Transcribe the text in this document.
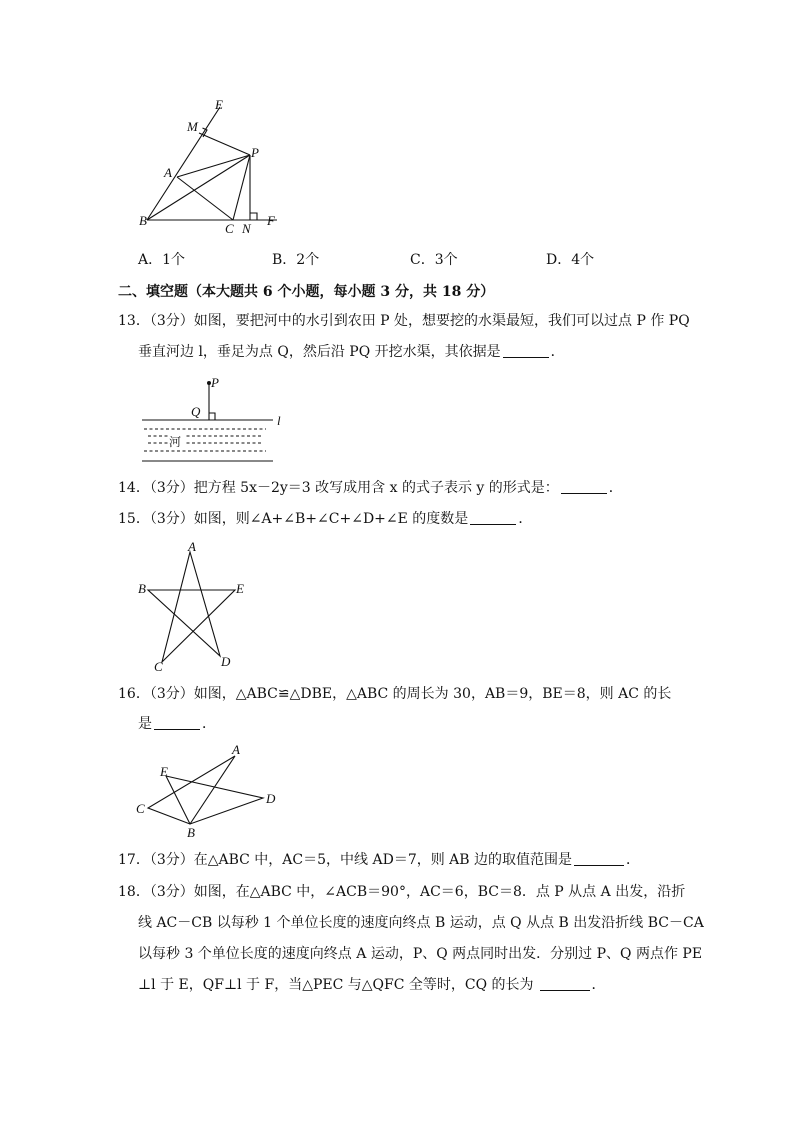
E
M
P
A
B
C N
F
A．1个	B．2个	C．3个	D．4个
二、填空题（本大题共 6 个小题，每小题 3 分，共 18 分）
13．（3分）如图，要把河中的水引到农田 P 处，想要挖的水渠最短，我们可以过点 P 作 PQ
垂直河边 l，垂足为点 Q，然后沿 PQ 开挖水渠，其依据是	．
P
Q
l
河
14．（3分）把方程 5x－2y＝3 改写成用含 x 的式子表示 y 的形式是：	．
15．（3分）如图，则∠A+∠B+∠C+∠D+∠E 的度数是	．
A
B	E
C	D
16．（3分）如图，△ABC≌△DBE，△ABC 的周长为 30，AB＝9，BE＝8，则 AC 的长
是	．
A
E
C
D
B
17．（3分）在△ABC 中，AC＝5，中线 AD＝7，则 AB 边的取值范围是	．
18．（3分）如图，在△ABC 中，∠ACB＝90°，AC＝6，BC＝8．点 P 从点 A 出发，沿折
线 AC－CB 以每秒 1 个单位长度的速度向终点 B 运动，点 Q 从点 B 出发沿折线 BC－CA
以每秒 3 个单位长度的速度向终点 A 运动，P、Q 两点同时出发．分别过 P、Q 两点作 PE
⊥l 于 E，QF⊥l 于 F，当△PEC 与△QFC 全等时，CQ 的长为	．
